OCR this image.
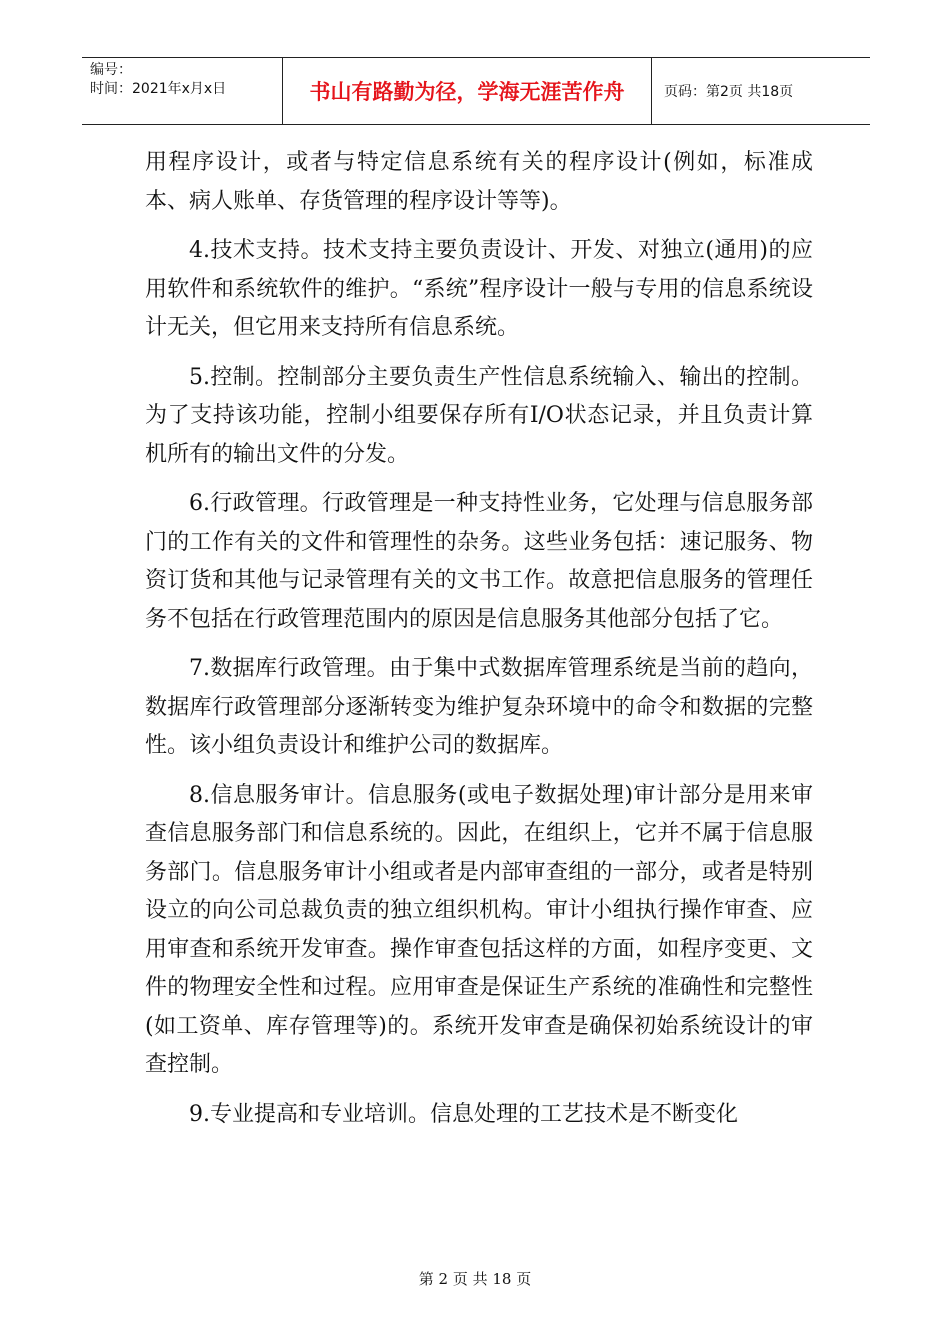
编号：
时间：2021年x月x日	书山有路勤为径，学海无涯苦作舟	页码：第2页 共18页

用程序设计，或者与特定信息系统有关的程序设计(例如，标准成本、病人账单、存货管理的程序设计等等)。

4.技术支持。技术支持主要负责设计、开发、对独立(通用)的应用软件和系统软件的维护。“系统”程序设计一般与专用的信息系统设计无关，但它用来支持所有信息系统。

5.控制。控制部分主要负责生产性信息系统输入、输出的控制。为了支持该功能，控制小组要保存所有I/O状态记录，并且负责计算机所有的输出文件的分发。

6.行政管理。行政管理是一种支持性业务，它处理与信息服务部门的工作有关的文件和管理性的杂务。这些业务包括：速记服务、物资订货和其他与记录管理有关的文书工作。故意把信息服务的管理任务不包括在行政管理范围内的原因是信息服务其他部分包括了它。

7.数据库行政管理。由于集中式数据库管理系统是当前的趋向，数据库行政管理部分逐渐转变为维护复杂环境中的命令和数据的完整性。该小组负责设计和维护公司的数据库。

8.信息服务审计。信息服务(或电子数据处理)审计部分是用来审查信息服务部门和信息系统的。因此，在组织上，它并不属于信息服务部门。信息服务审计小组或者是内部审查组的一部分，或者是特别设立的向公司总裁负责的独立组织机构。审计小组执行操作审查、应用审查和系统开发审查。操作审查包括这样的方面，如程序变更、文件的物理安全性和过程。应用审查是保证生产系统的准确性和完整性(如工资单、库存管理等)的。系统开发审查是确保初始系统设计的审查控制。

9.专业提高和专业培训。信息处理的工艺技术是不断变化

第 2 页 共 18 页
